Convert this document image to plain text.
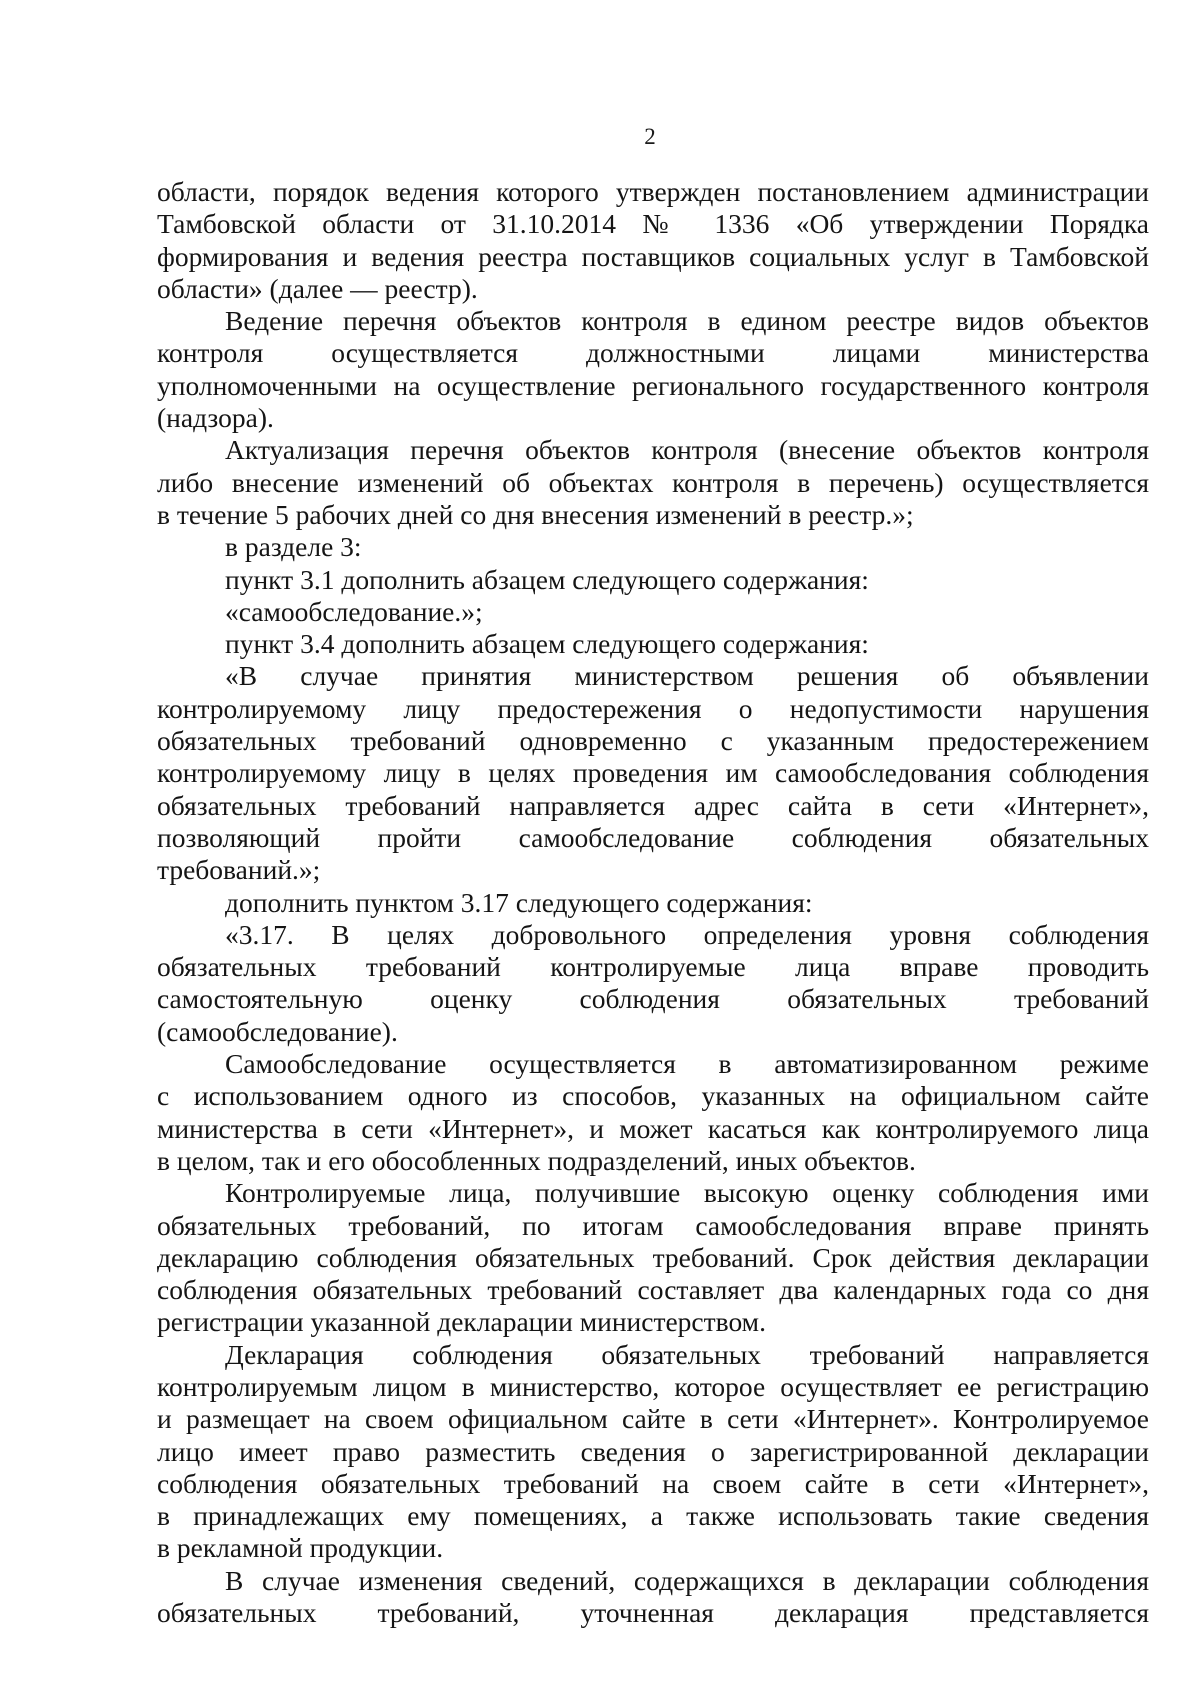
2
области, порядок ведения которого утвержден постановлением администрации
Тамбовской области от 31.10.2014 № 1336 «Об утверждении Порядка
формирования и ведения реестра поставщиков социальных услуг в Тамбовской
области» (далее — реестр).
Ведение перечня объектов контроля в едином реестре видов объектов
контроля осуществляется должностными лицами министерства
уполномоченными на осуществление регионального государственного контроля
(надзора).
Актуализация перечня объектов контроля (внесение объектов контроля
либо внесение изменений об объектах контроля в перечень) осуществляется
в течение 5 рабочих дней со дня внесения изменений в реестр.»;
в разделе 3:
пункт 3.1 дополнить абзацем следующего содержания:
«самообследование.»;
пункт 3.4 дополнить абзацем следующего содержания:
«В случае принятия министерством решения об объявлении
контролируемому лицу предостережения о недопустимости нарушения
обязательных требований одновременно с указанным предостережением
контролируемому лицу в целях проведения им самообследования соблюдения
обязательных требований направляется адрес сайта в сети «Интернет»,
позволяющий пройти самообследование соблюдения обязательных
требований.»;
дополнить пунктом 3.17 следующего содержания:
«3.17. В целях добровольного определения уровня соблюдения
обязательных требований контролируемые лица вправе проводить
самостоятельную оценку соблюдения обязательных требований
(самообследование).
Самообследование осуществляется в автоматизированном режиме
с использованием одного из способов, указанных на официальном сайте
министерства в сети «Интернет», и может касаться как контролируемого лица
в целом, так и его обособленных подразделений, иных объектов.
Контролируемые лица, получившие высокую оценку соблюдения ими
обязательных требований, по итогам самообследования вправе принять
декларацию соблюдения обязательных требований. Срок действия декларации
соблюдения обязательных требований составляет два календарных года со дня
регистрации указанной декларации министерством.
Декларация соблюдения обязательных требований направляется
контролируемым лицом в министерство, которое осуществляет ее регистрацию
и размещает на своем официальном сайте в сети «Интернет». Контролируемое
лицо имеет право разместить сведения о зарегистрированной декларации
соблюдения обязательных требований на своем сайте в сети «Интернет»,
в принадлежащих ему помещениях, а также использовать такие сведения
в рекламной продукции.
В случае изменения сведений, содержащихся в декларации соблюдения
обязательных требований, уточненная декларация представляется
